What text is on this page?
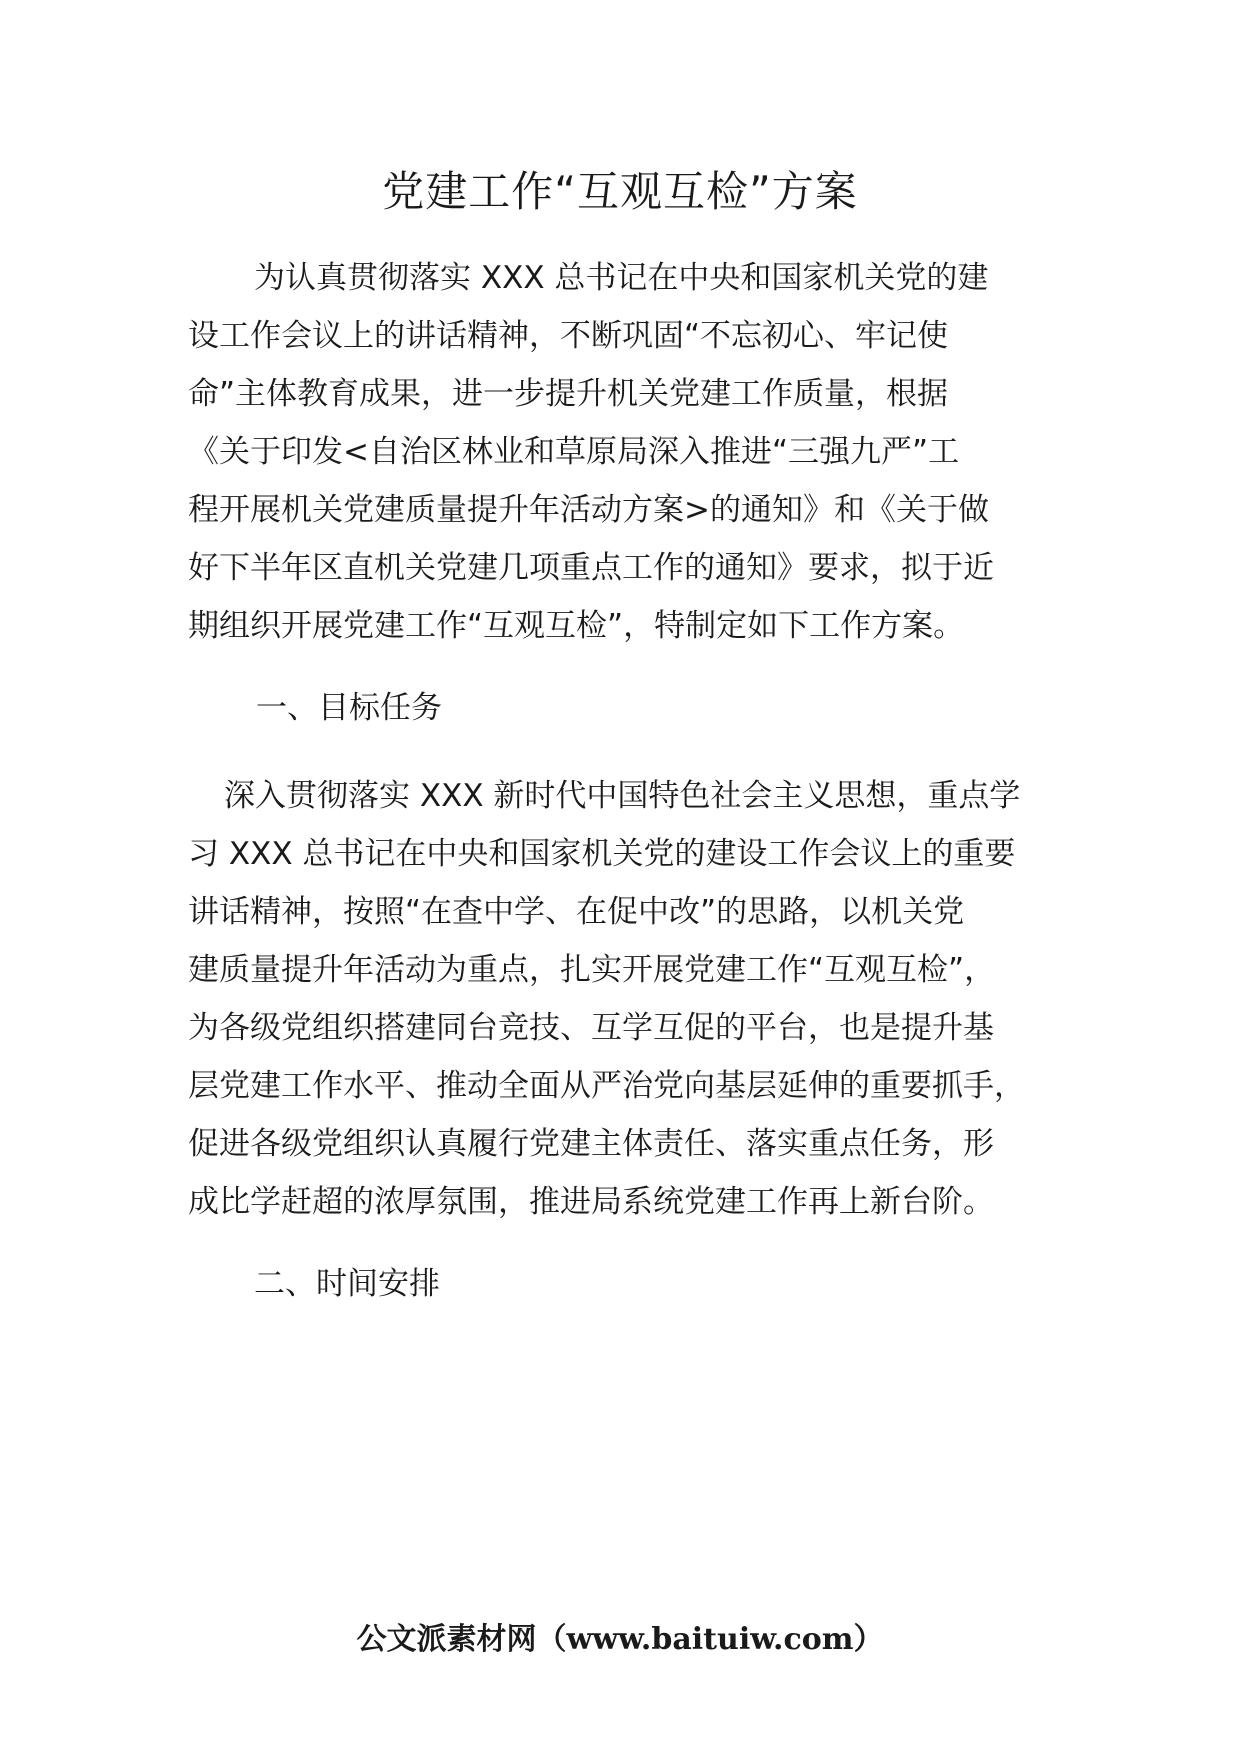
党建工作“互观互检”方案

为认真贯彻落实 XXX 总书记在中央和国家机关党的建

设工作会议上的讲话精神，不断巩固“不忘初心、牢记使

命”主体教育成果，进一步提升机关党建工作质量，根据

《关于印发<自治区林业和草原局深入推进“三强九严”工

程开展机关党建质量提升年活动方案>的通知》和《关于做

好下半年区直机关党建几项重点工作的通知》要求，拟于近

期组织开展党建工作“互观互检”，特制定如下工作方案。

一、目标任务

深入贯彻落实 XXX 新时代中国特色社会主义思想，重点学

习 XXX 总书记在中央和国家机关党的建设工作会议上的重要

讲话精神，按照“在查中学、在促中改”的思路，以机关党

建质量提升年活动为重点，扎实开展党建工作“互观互检”，

为各级党组织搭建同台竞技、互学互促的平台，也是提升基

层党建工作水平、推动全面从严治党向基层延伸的重要抓手，

促进各级党组织认真履行党建主体责任、落实重点任务，形

成比学赶超的浓厚氛围，推进局系统党建工作再上新台阶。

二、时间安排

公文派素材网（www.baituiw.com）
